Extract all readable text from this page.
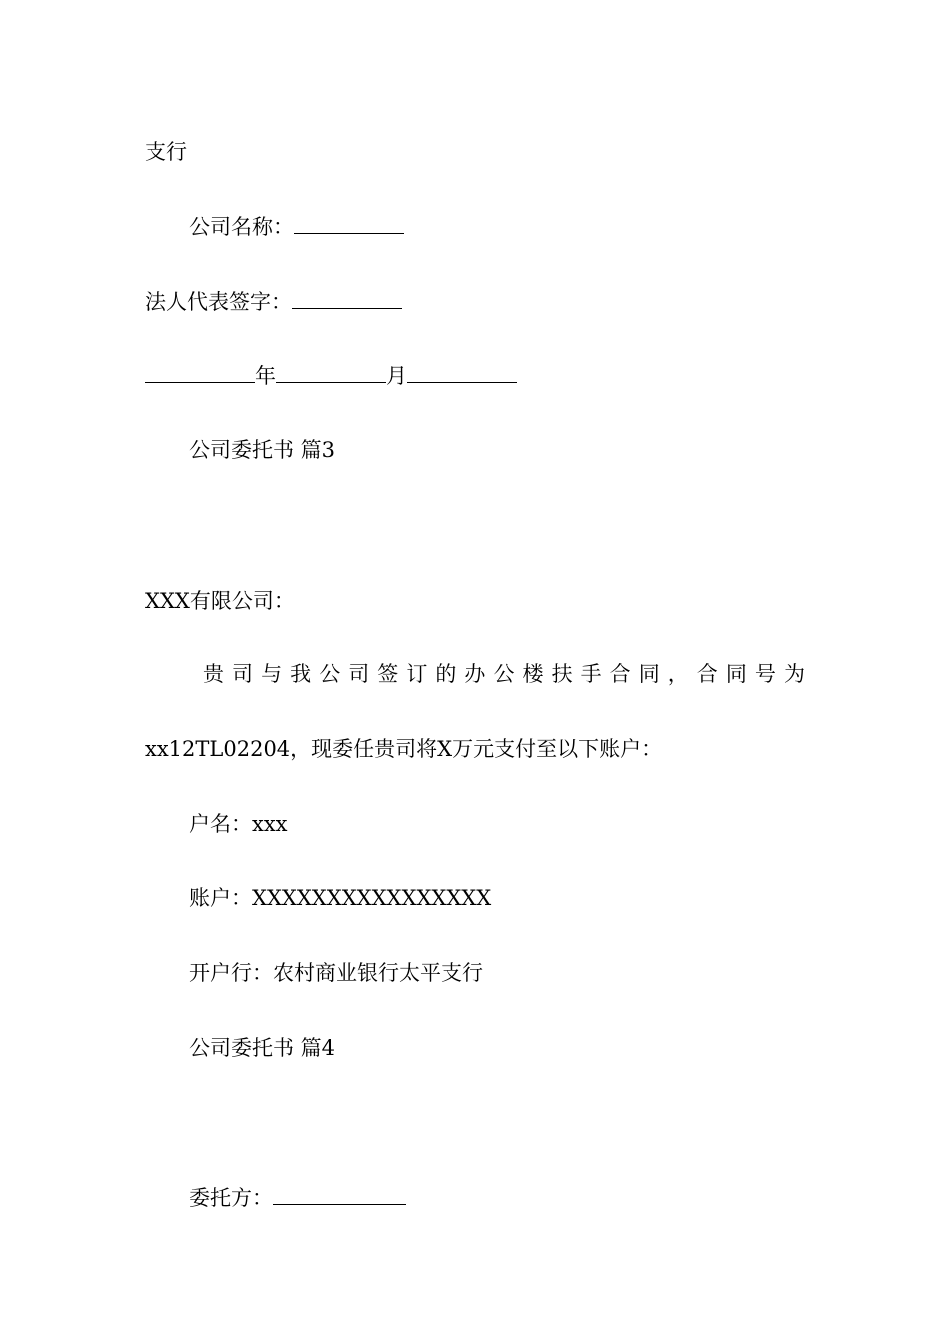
支行
公司名称：
法人代表签字：
年	月
公司委托书 篇3
XXX有限公司：
贵 司 与 我 公 司 签 订 的 办 公 楼 扶 手 合 同 ， 合 同 号 为
xx12TL02204，现委任贵司将X万元支付至以下账户：
户名：xxx
账户：XXXXXXXXXXXXXXXX
开户行：农村商业银行太平支行
公司委托书 篇4
委托方：
